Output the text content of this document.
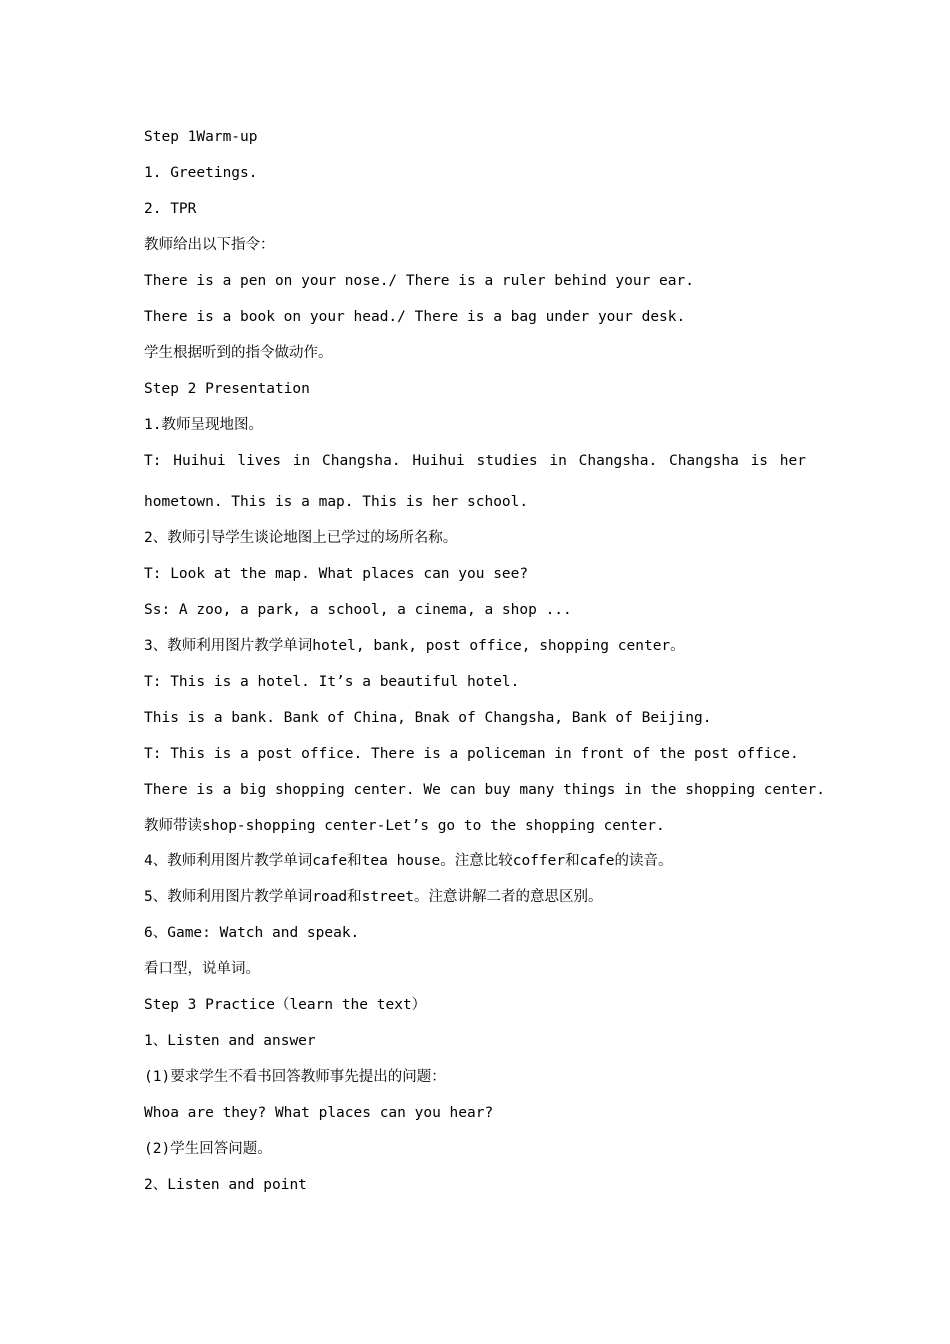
Step 1Warm-up
1. Greetings.
2. TPR
教师给出以下指令：
There is a pen on your nose./ There is a ruler behind your ear.
There is a book on your head./ There is a bag under your desk.
学生根据听到的指令做动作。
Step 2 Presentation
1.教师呈现地图。
T: Huihui lives in Changsha. Huihui studies in Changsha. Changsha is her
hometown. This is a map. This is her school.
2、教师引导学生谈论地图上已学过的场所名称。
T: Look at the map. What places can you see?
Ss: A zoo, a park, a school, a cinema, a shop ...
3、教师利用图片教学单词hotel, bank, post office, shopping center。
T: This is a hotel. It’s a beautiful hotel.
This is a bank. Bank of China, Bnak of Changsha, Bank of Beijing.
T: This is a post office. There is a policeman in front of the post office.
There is a big shopping center. We can buy many things in the shopping center.
教师带读shop-shopping center-Let’s go to the shopping center.
4、教师利用图片教学单词cafe和tea house。注意比较coffer和cafe的读音。
5、教师利用图片教学单词road和street。注意讲解二者的意思区别。
6、Game: Watch and speak.
看口型，说单词。
Step 3 Practice（learn the text）
1、Listen and answer
(1)要求学生不看书回答教师事先提出的问题：
Whoa are they? What places can you hear?
(2)学生回答问题。
2、Listen and point
